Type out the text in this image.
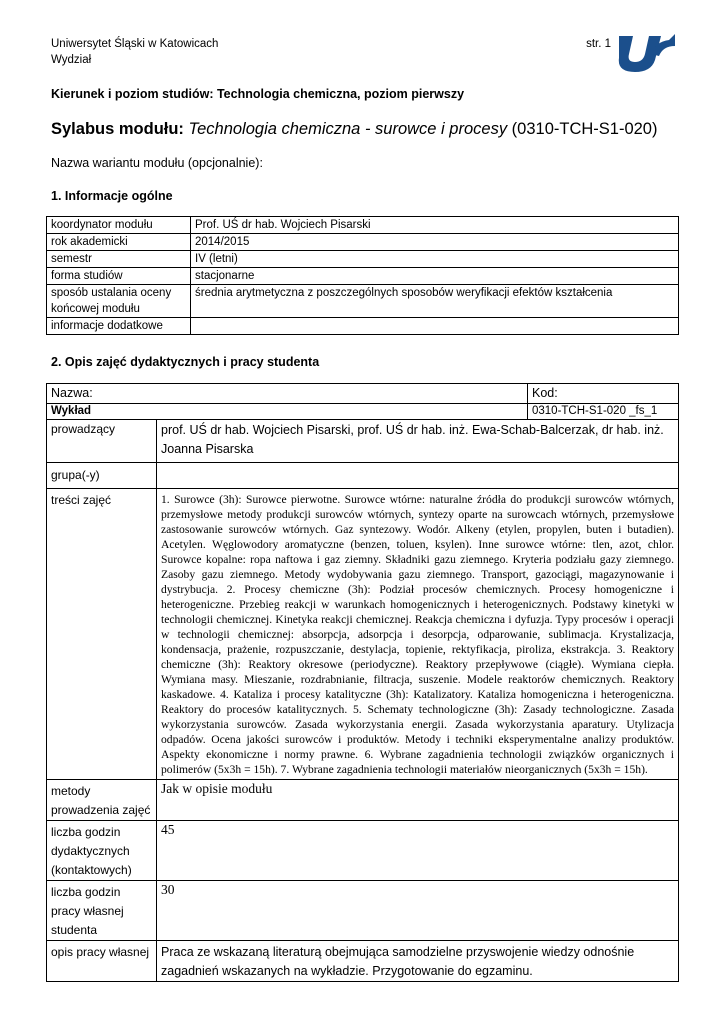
Uniwersytet Śląski w Katowicach
Wydział
str. 1
Kierunek i poziom studiów: Technologia chemiczna, poziom pierwszy
Sylabus modułu: Technologia chemiczna - surowce i procesy (0310-TCH-S1-020)
Nazwa wariantu modułu (opcjonalnie):
1. Informacje ogólne
koordynator modułu	Prof. UŚ dr hab. Wojciech Pisarski
rok akademicki	2014/2015
semestr	IV (letni)
forma studiów	stacjonarne
sposób ustalania oceny końcowej modułu	średnia arytmetyczna z poszczególnych sposobów weryfikacji efektów kształcenia
informacje dodatkowe	
2. Opis zajęć dydaktycznych i pracy studenta
Nazwa:		Kod:
Wykład		0310-TCH-S1-020 _fs_1
prowadzący	prof. UŚ dr hab. Wojciech Pisarski, prof. UŚ dr hab. inż. Ewa-Schab-Balcerzak, dr hab. inż. Joanna Pisarska	
grupa(-y)		
treści zajęć	1. Surowce (3h): Surowce pierwotne. Surowce wtórne: naturalne źródła do produkcji surowców wtórnych, przemysłowe metody produkcji surowców wtórnych, syntezy oparte na surowcach wtórnych, przemysłowe zastosowanie surowców wtórnych. Gaz syntezowy. Wodór. Alkeny (etylen, propylen, buten i butadien). Acetylen. Węglowodory aromatyczne (benzen, toluen, ksylen). Inne surowce wtórne: tlen, azot, chlor. Surowce kopalne: ropa naftowa i gaz ziemny. Składniki gazu ziemnego. Kryteria podziału gazy ziemnego. Zasoby gazu ziemnego. Metody wydobywania gazu ziemnego. Transport, gazociągi, magazynowanie i dystrybucja. 2. Procesy chemiczne (3h): Podział procesów chemicznych. Procesy homogeniczne i heterogeniczne. Przebieg reakcji w warunkach homogenicznych i heterogenicznych. Podstawy kinetyki w technologii chemicznej. Kinetyka reakcji chemicznej. Reakcja chemiczna i dyfuzja. Typy procesów i operacji w technologii chemicznej: absorpcja, adsorpcja i desorpcja, odparowanie, sublimacja. Krystalizacja, kondensacja, prażenie, rozpuszczanie, destylacja, topienie, rektyfikacja, piroliza, ekstrakcja. 3. Reaktory chemiczne (3h): Reaktory okresowe (periodyczne). Reaktory przepływowe (ciągłe). Wymiana ciepła. Wymiana masy. Mieszanie, rozdrabnianie, filtracja, suszenie. Modele reaktorów chemicznych. Reaktory kaskadowe. 4. Kataliza i procesy katalityczne (3h): Katalizatory. Kataliza homogeniczna i heterogeniczna. Reaktory do procesów katalitycznych. 5. Schematy technologiczne (3h): Zasady technologiczne. Zasada wykorzystania surowców. Zasada wykorzystania energii. Zasada wykorzystania aparatury. Utylizacja odpadów. Ocena jakości surowców i produktów. Metody i techniki eksperymentalne analizy produktów. Aspekty ekonomiczne i normy prawne. 6. Wybrane zagadnienia technologii związków organicznych i polimerów (5x3h = 15h). 7. Wybrane zagadnienia technologii materiałów nieorganicznych (5x3h = 15h).	
metody prowadzenia zajęć	Jak w opisie modułu	
liczba godzin dydaktycznych (kontaktowych)	45	
liczba godzin pracy własnej studenta	30	
opis pracy własnej	Praca ze wskazaną literaturą obejmująca samodzielne przyswojenie wiedzy odnośnie zagadnień wskazanych na wykładzie. Przygotowanie do egzaminu.	
